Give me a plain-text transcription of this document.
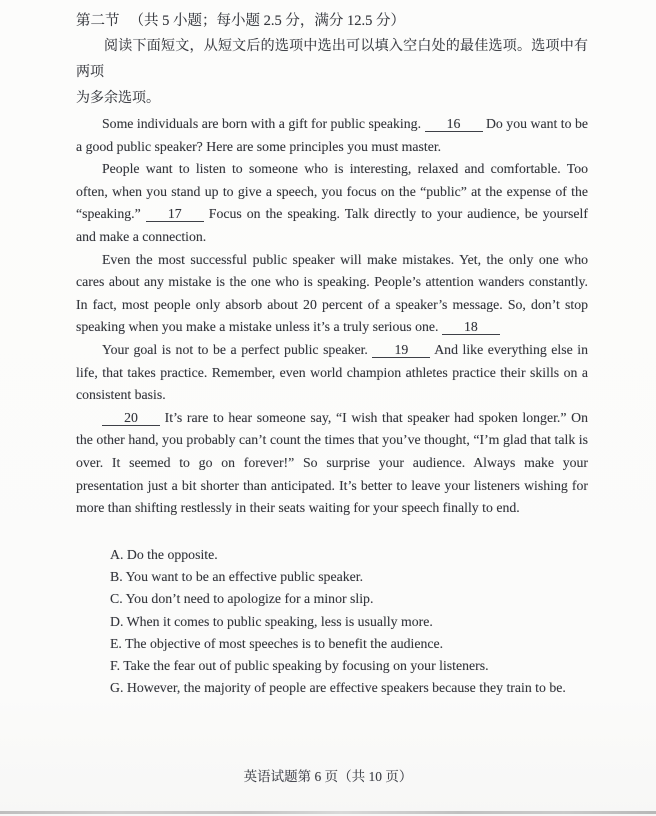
第二节 （共 5 小题；每小题 2.5 分，满分 12.5 分）
阅读下面短文，从短文后的选项中选出可以填入空白处的最佳选项。选项中有两项
为多余选项。

Some individuals are born with a gift for public speaking. 16 Do you want to be a good public speaker? Here are some principles you must master.

People want to listen to someone who is interesting, relaxed and comfortable. Too often, when you stand up to give a speech, you focus on the “public” at the expense of the “speaking.” 17 Focus on the speaking. Talk directly to your audience, be yourself and make a connection.

Even the most successful public speaker will make mistakes. Yet, the only one who cares about any mistake is the one who is speaking. People’s attention wanders constantly. In fact, most people only absorb about 20 percent of a speaker’s message. So, don’t stop speaking when you make a mistake unless it’s a truly serious one. 18

Your goal is not to be a perfect public speaker. 19 And like everything else in life, that takes practice. Remember, even world champion athletes practice their skills on a consistent basis.

20 It’s rare to hear someone say, “I wish that speaker had spoken longer.” On the other hand, you probably can’t count the times that you’ve thought, “I’m glad that talk is over. It seemed to go on forever!” So surprise your audience. Always make your presentation just a bit shorter than anticipated. It’s better to leave your listeners wishing for more than shifting restlessly in their seats waiting for your speech finally to end.

A. Do the opposite.
B. You want to be an effective public speaker.
C. You don’t need to apologize for a minor slip.
D. When it comes to public speaking, less is usually more.
E. The objective of most speeches is to benefit the audience.
F. Take the fear out of public speaking by focusing on your listeners.
G. However, the majority of people are effective speakers because they train to be.
英语试题第 6 页（共 10 页）
